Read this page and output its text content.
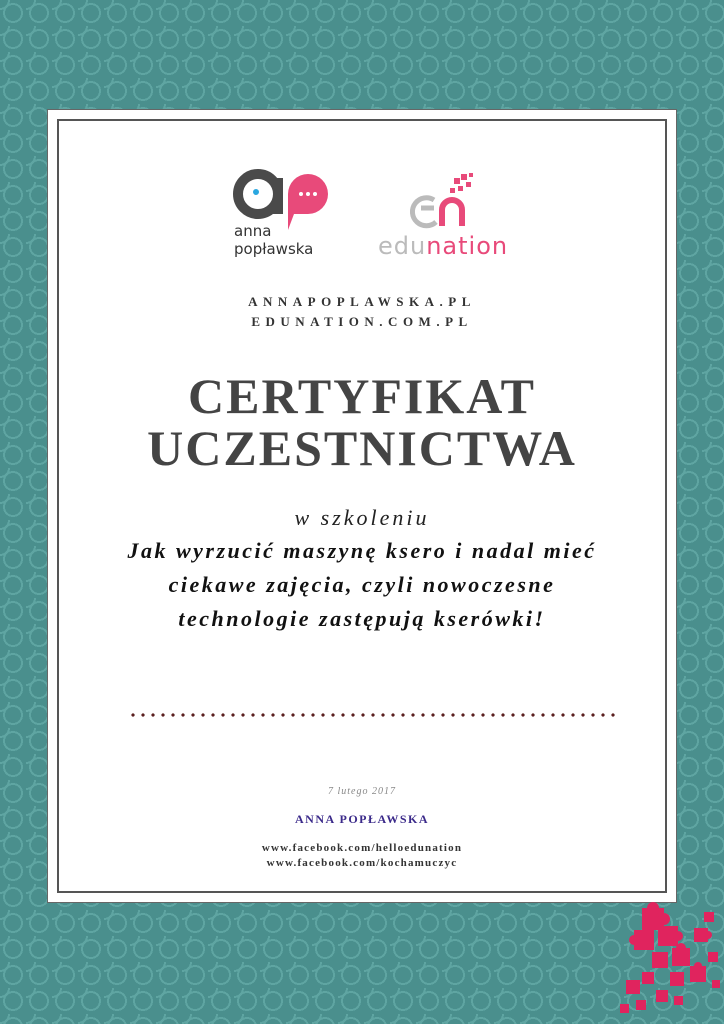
anna
popławska	edunation
ANNAPOPLAWSKA.PL
EDUNATION.COM.PL
CERTYFIKAT
UCZESTNICTWA
w szkoleniu
Jak wyrzucić maszynę ksero i nadal mieć ciekawe zajęcia, czyli nowoczesne technologie zastępują kserówki!
7 lutego 2017
ANNA POPŁAWSKA
www.facebook.com/helloedunation
www.facebook.com/kochamuczyc
